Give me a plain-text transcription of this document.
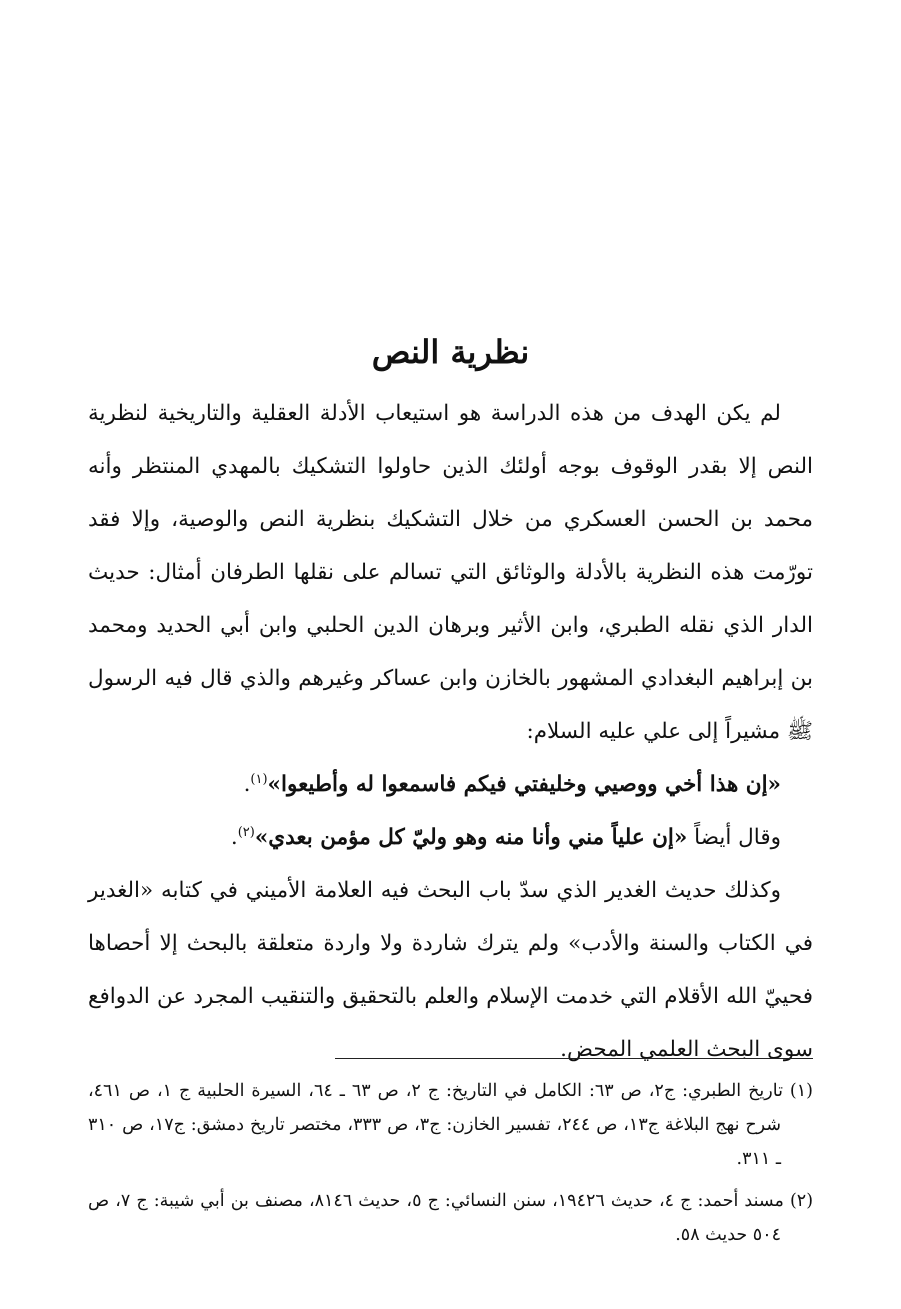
نظرية النص

لم يكن الهدف من هذه الدراسة هو استيعاب الأدلة العقلية والتاريخية لنظرية النص إلا بقدر الوقوف بوجه أولئك الذين حاولوا التشكيك بالمهدي المنتظر وأنه محمد بن الحسن العسكري من خلال التشكيك بنظرية النص والوصية، وإلا فقد تورّمت هذه النظرية بالأدلة والوثائق التي تسالم على نقلها الطرفان أمثال: حديث الدار الذي نقله الطبري، وابن الأثير وبرهان الدين الحلبي وابن أبي الحديد ومحمد بن إبراهيم البغدادي المشهور بالخازن وابن عساكر وغيرهم والذي قال فيه الرسول ﷺ مشيراً إلى علي عليه السلام:

«إن هذا أخي ووصيي وخليفتي فيكم فاسمعوا له وأطيعوا»$^{(١)}$.

وقال أيضاً «إن علياً مني وأنا منه وهو وليّ كل مؤمن بعدي»$^{(٢)}$.

وكذلك حديث الغدير الذي سدّ باب البحث فيه العلامة الأميني في كتابه «الغدير في الكتاب والسنة والأدب» ولم يترك شاردة ولا واردة متعلقة بالبحث إلا أحصاها فحييّ الله الأقلام التي خدمت الإسلام والعلم بالتحقيق والتنقيب المجرد عن الدوافع سوى البحث العلمي المحض.

(١) تاريخ الطبري: ج٢، ص ٦٣: الكامل في التاريخ: ج ٢، ص ٦٣ ـ ٦٤، السيرة الحلبية ج ١، ص ٤٦١، شرح نهج البلاغة ج١٣، ص ٢٤٤، تفسير الخازن: ج٣، ص ٣٣٣، مختصر تاريخ دمشق: ج١٧، ص ٣١٠ ـ ٣١١.

(٢) مسند أحمد: ج ٤، حديث ١٩٤٢٦، سنن النسائي: ج ٥، حديث ٨١٤٦، مصنف بن أبي شيبة: ج ٧، ص ٥٠٤ حديث ٥٨.
